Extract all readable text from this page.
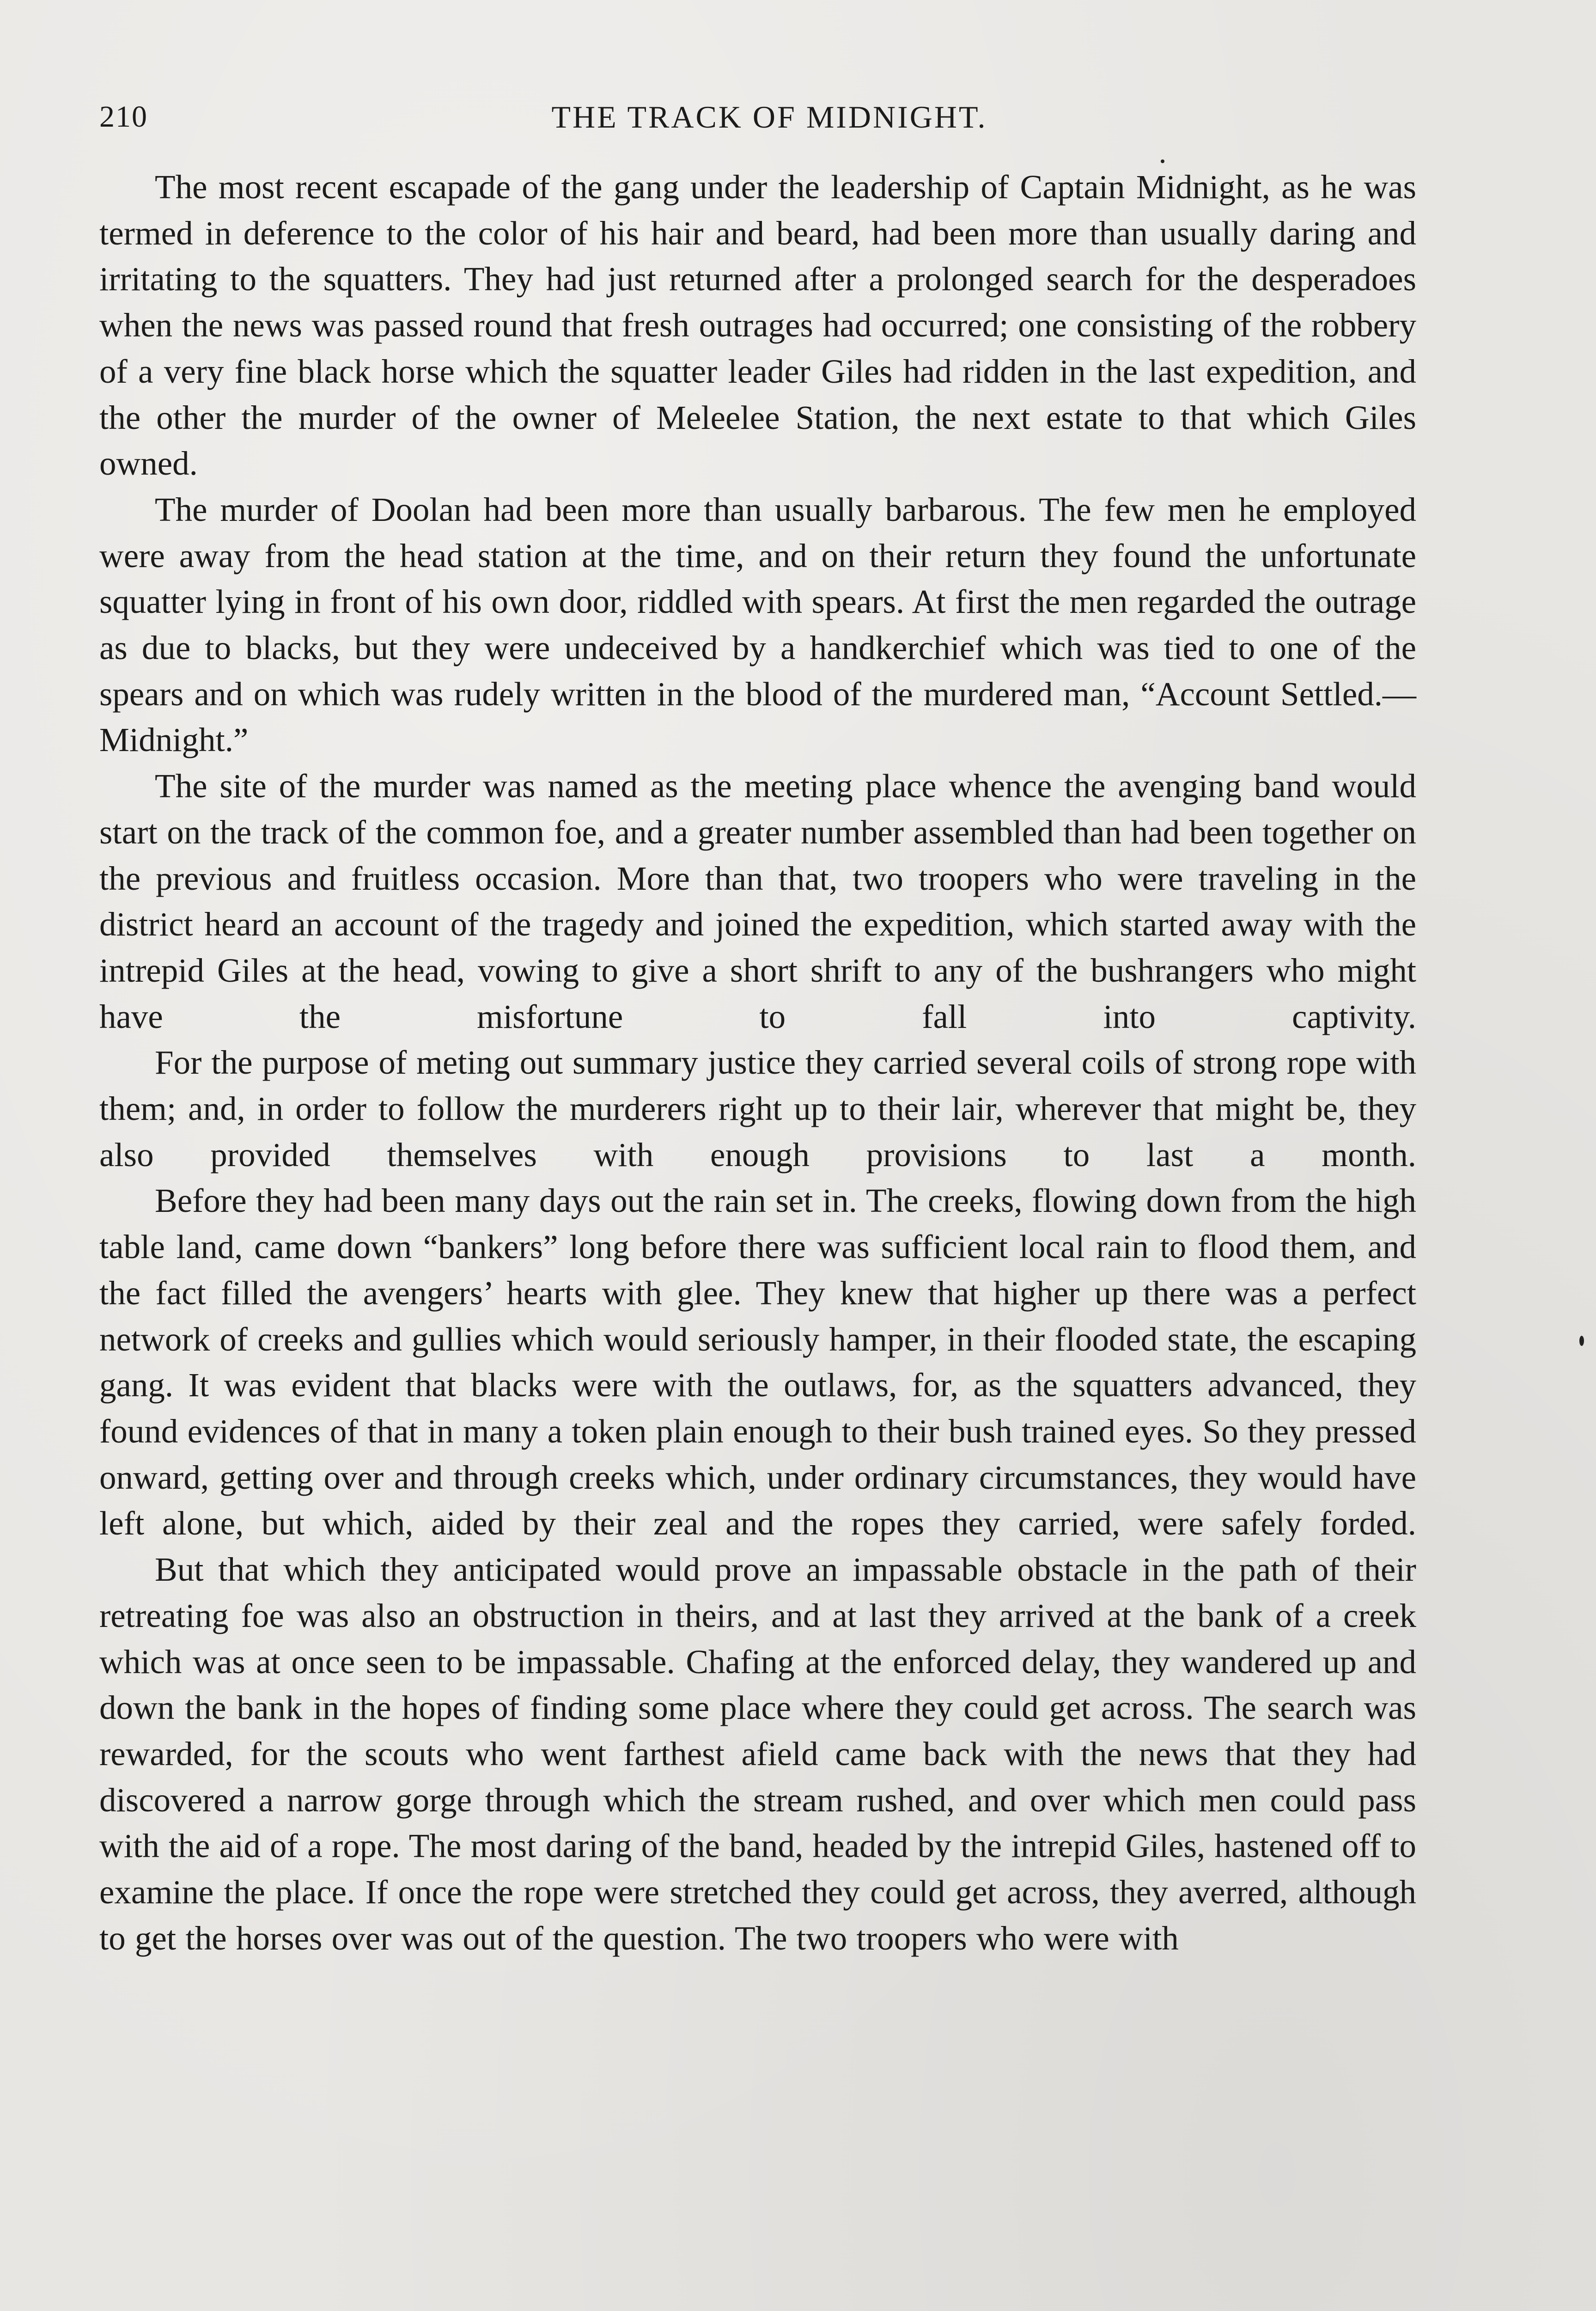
210	THE TRACK OF MIDNIGHT.

The most recent escapade of the gang under the leadership of Captain Midnight, as he was termed in deference to the color of his hair and beard, had been more than usually daring and irritating to the squatters. They had just returned after a prolonged search for the desperadoes when the news was passed round that fresh outrages had occurred; one consisting of the robbery of a very fine black horse which the squatter leader Giles had ridden in the last expedition, and the other the murder of the owner of Meleelee Station, the next estate to that which Giles owned.

The murder of Doolan had been more than usually barbarous. The few men he employed were away from the head station at the time, and on their return they found the unfortunate squatter lying in front of his own door, riddled with spears. At first the men regarded the outrage as due to blacks, but they were undeceived by a handkerchief which was tied to one of the spears and on which was rudely written in the blood of the murdered man, “Account Settled.—Midnight.”

The site of the murder was named as the meeting place whence the avenging band would start on the track of the common foe, and a greater number assembled than had been together on the previous and fruitless occasion. More than that, two troopers who were traveling in the district heard an account of the tragedy and joined the expedition, which started away with the intrepid Giles at the head, vowing to give a short shrift to any of the bushrangers who might have the misfortune to fall into captivity.

For the purpose of meting out summary justice they carried several coils of strong rope with them; and, in order to follow the murderers right up to their lair, wherever that might be, they also provided themselves with enough provisions to last a month.

Before they had been many days out the rain set in. The creeks, flowing down from the high table land, came down “bankers” long before there was sufficient local rain to flood them, and the fact filled the avengers’ hearts with glee. They knew that higher up there was a perfect network of creeks and gullies which would seriously hamper, in their flooded state, the escaping gang. It was evident that blacks were with the outlaws, for, as the squatters advanced, they found evidences of that in many a token plain enough to their bush trained eyes. So they pressed onward, getting over and through creeks which, under ordinary circumstances, they would have left alone, but which, aided by their zeal and the ropes they carried, were safely forded.

But that which they anticipated would prove an impassable obstacle in the path of their retreating foe was also an obstruction in theirs, and at last they arrived at the bank of a creek which was at once seen to be impassable. Chafing at the enforced delay, they wandered up and down the bank in the hopes of finding some place where they could get across. The search was rewarded, for the scouts who went farthest afield came back with the news that they had discovered a narrow gorge through which the stream rushed, and over which men could pass with the aid of a rope. The most daring of the band, headed by the intrepid Giles, hastened off to examine the place. If once the rope were stretched they could get across, they averred, although to get the horses over was out of the question. The two troopers who were with
